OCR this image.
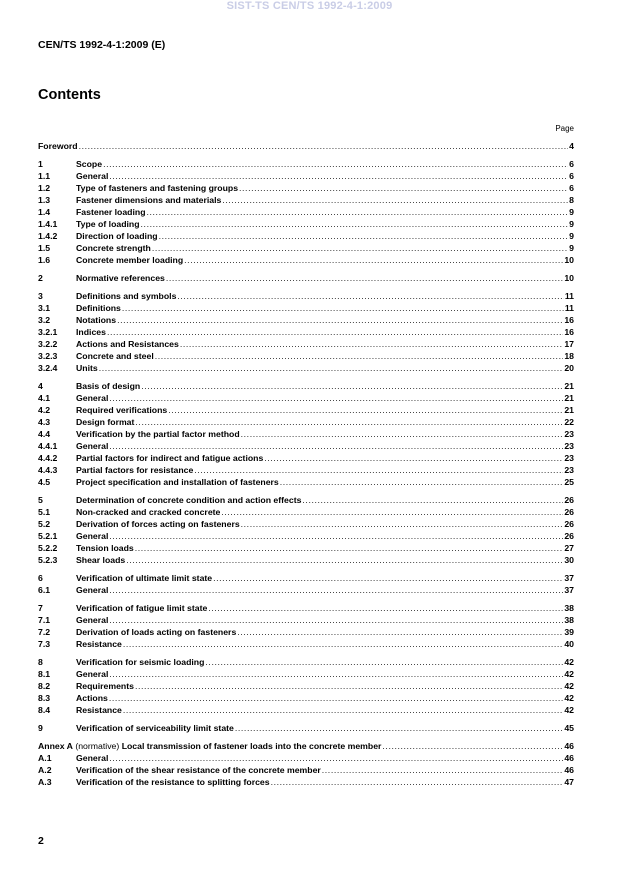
SIST-TS CEN/TS 1992-4-1:2009
CEN/TS 1992-4-1:2009 (E)
Contents
Page
Foreword .....	4
1	Scope .....	6
1.1	General .....	6
1.2	Type of fasteners and fastening groups .....	6
1.3	Fastener dimensions and materials .....	8
1.4	Fastener loading .....	9
1.4.1	Type of loading .....	9
1.4.2	Direction of loading .....	9
1.5	Concrete strength .....	9
1.6	Concrete member loading .....	10
2	Normative references .....	10
3	Definitions and symbols .....	11
3.1	Definitions .....	11
3.2	Notations .....	16
3.2.1	Indices .....	16
3.2.2	Actions and Resistances .....	17
3.2.3	Concrete and steel .....	18
3.2.4	Units .....	20
4	Basis of design .....	21
4.1	General .....	21
4.2	Required verifications .....	21
4.3	Design format .....	22
4.4	Verification by the partial factor method .....	23
4.4.1	General .....	23
4.4.2	Partial factors for indirect and fatigue actions .....	23
4.4.3	Partial factors for resistance .....	23
4.5	Project specification and installation of fasteners .....	25
5	Determination of concrete condition and action effects .....	26
5.1	Non-cracked and cracked concrete .....	26
5.2	Derivation of forces acting on fasteners .....	26
5.2.1	General .....	26
5.2.2	Tension loads .....	27
5.2.3	Shear loads .....	30
6	Verification of ultimate limit state .....	37
6.1	General .....	37
7	Verification of fatigue limit state .....	38
7.1	General .....	38
7.2	Derivation of loads acting on fasteners .....	39
7.3	Resistance .....	40
8	Verification for seismic loading .....	42
8.1	General .....	42
8.2	Requirements .....	42
8.3	Actions .....	42
8.4	Resistance .....	42
9	Verification of serviceability limit state .....	45
Annex A (normative) Local transmission of fastener loads into the concrete member .....	46
A.1	General .....	46
A.2	Verification of the shear resistance of the concrete member .....	46
A.3	Verification of the resistance to splitting forces .....	47
2
